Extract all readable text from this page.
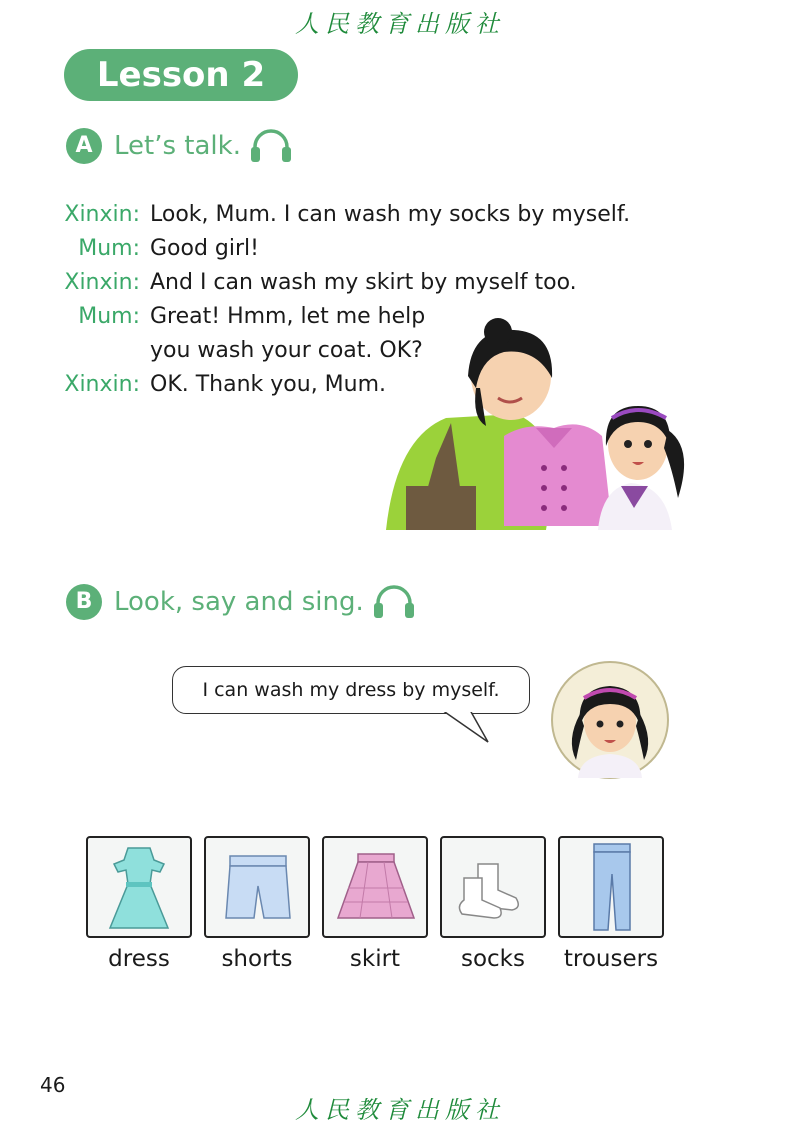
人民教育出版社
Lesson 2
A Let’s talk.
Xinxin: Look, Mum. I can wash my socks by myself.
Mum: Good girl!
Xinxin: And I can wash my skirt by myself too.
Mum: Great! Hmm, let me help
you wash your coat. OK?
Xinxin: OK. Thank you, Mum.
B Look, say and sing.
I can wash my dress by myself.
dress	shorts	skirt	socks	trousers
46
人民教育出版社
